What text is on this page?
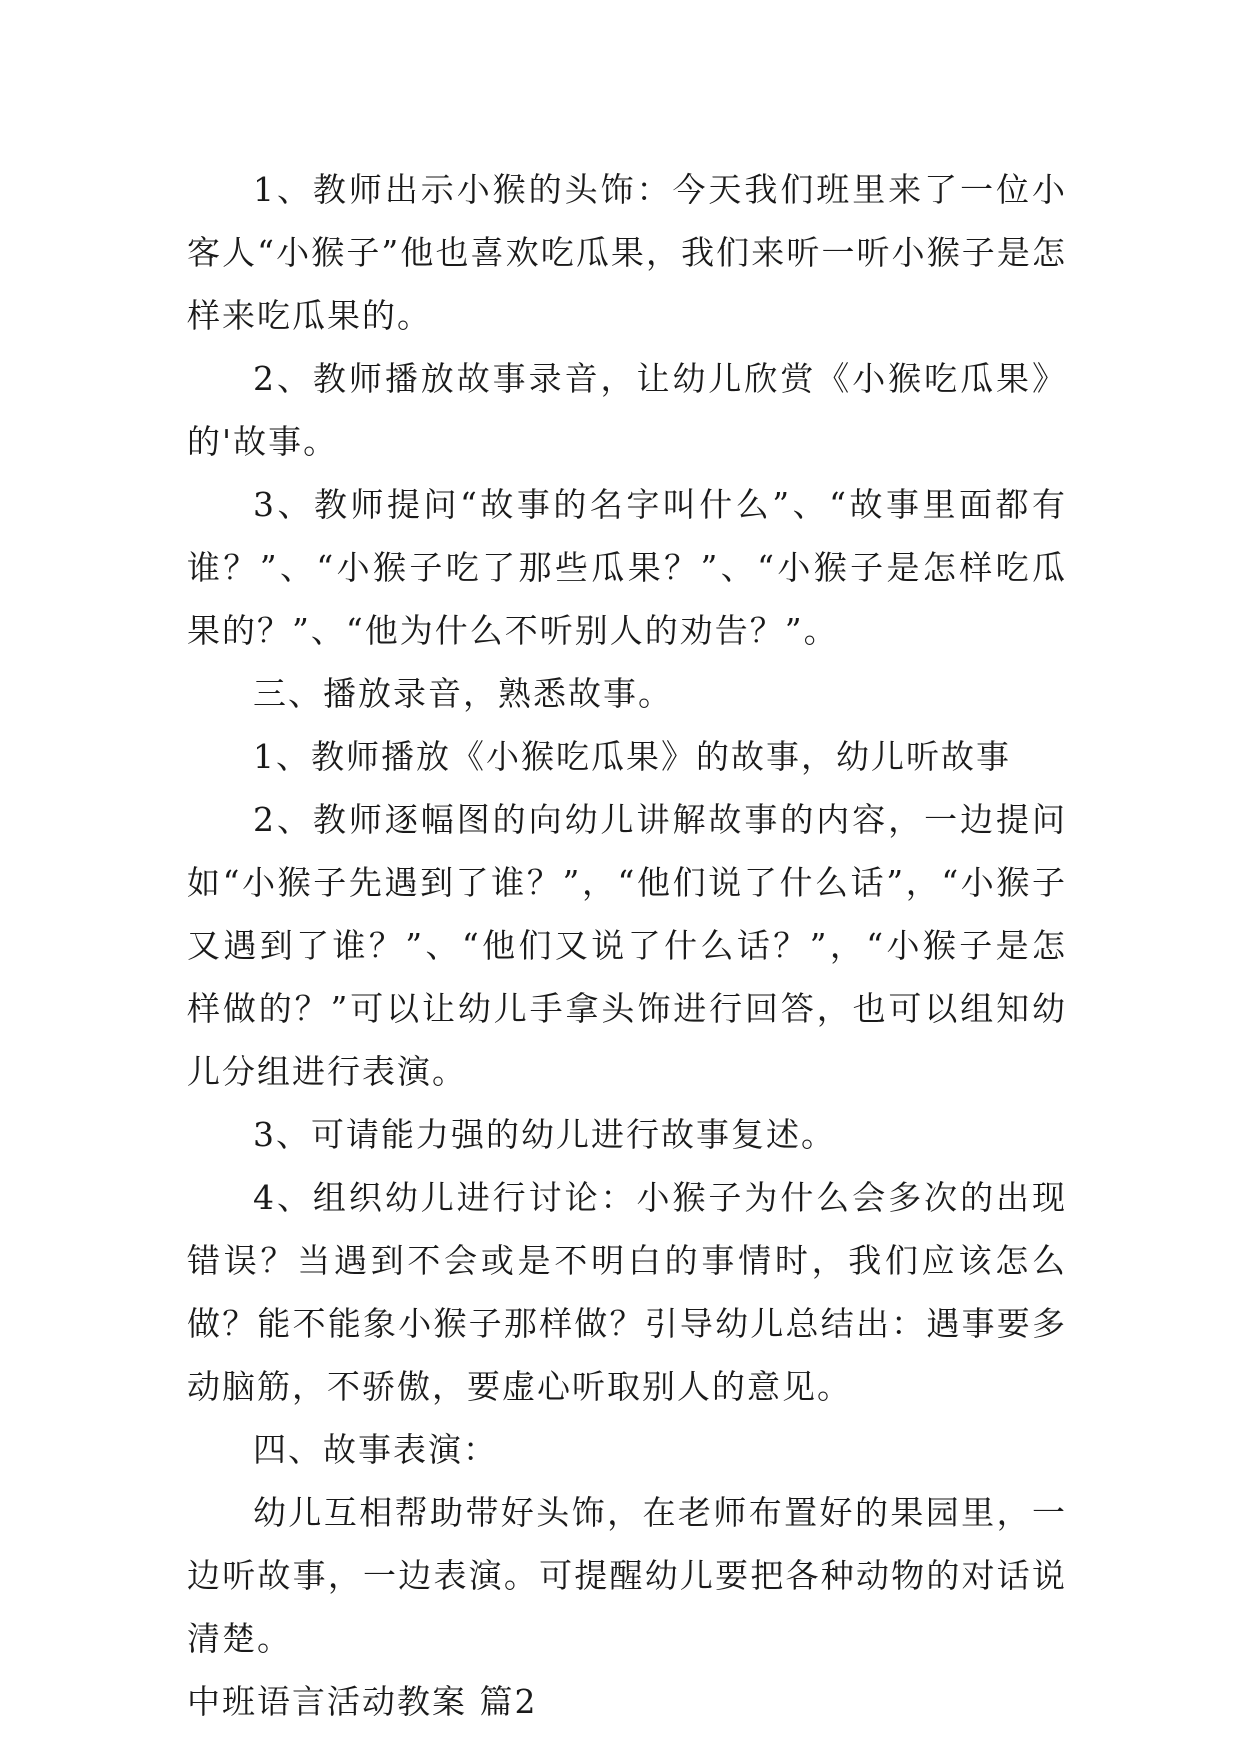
1、教师出示小猴的头饰：今天我们班里来了一位小客人“小猴子”他也喜欢吃瓜果，我们来听一听小猴子是怎样来吃瓜果的。

2、教师播放故事录音，让幼儿欣赏《小猴吃瓜果》的'故事。

3、教师提问“故事的名字叫什么”、“故事里面都有谁？”、“小猴子吃了那些瓜果？”、“小猴子是怎样吃瓜果的？”、“他为什么不听别人的劝告？”。

三、播放录音，熟悉故事。

1、教师播放《小猴吃瓜果》的故事，幼儿听故事

2、教师逐幅图的向幼儿讲解故事的内容，一边提问如“小猴子先遇到了谁？”，“他们说了什么话”，“小猴子又遇到了谁？”、“他们又说了什么话？”，“小猴子是怎样做的？”可以让幼儿手拿头饰进行回答，也可以组知幼儿分组进行表演。

3、可请能力强的幼儿进行故事复述。

4、组织幼儿进行讨论：小猴子为什么会多次的出现错误？当遇到不会或是不明白的事情时，我们应该怎么做？能不能象小猴子那样做？引导幼儿总结出：遇事要多动脑筋，不骄傲，要虚心听取别人的意见。

四、故事表演：

幼儿互相帮助带好头饰，在老师布置好的果园里，一边听故事，一边表演。可提醒幼儿要把各种动物的对话说清楚。

中班语言活动教案 篇2
